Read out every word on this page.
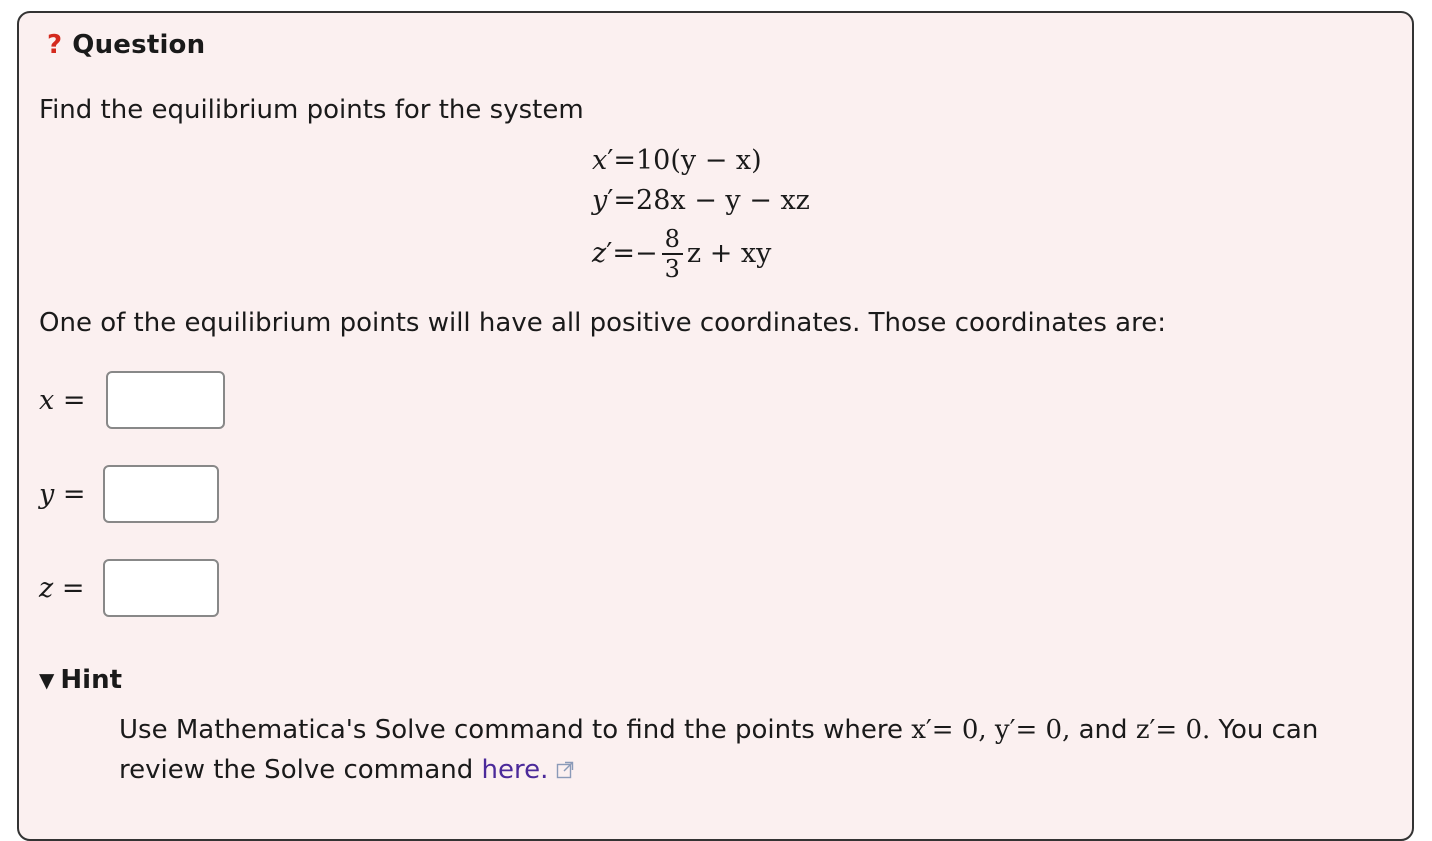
? Question
Find the equilibrium points for the system
x ′ = 10(y − x)
y ′ = 28x − y − xz
z ′ = − $\frac{8}{3}$ z + xy
One of the equilibrium points will have all positive coordinates. Those coordinates are:
x =
y =
z =
▼ Hint
Use Mathematica's Solve command to find the points where x′= 0, y′= 0, and z′= 0. You can review the Solve command here.
